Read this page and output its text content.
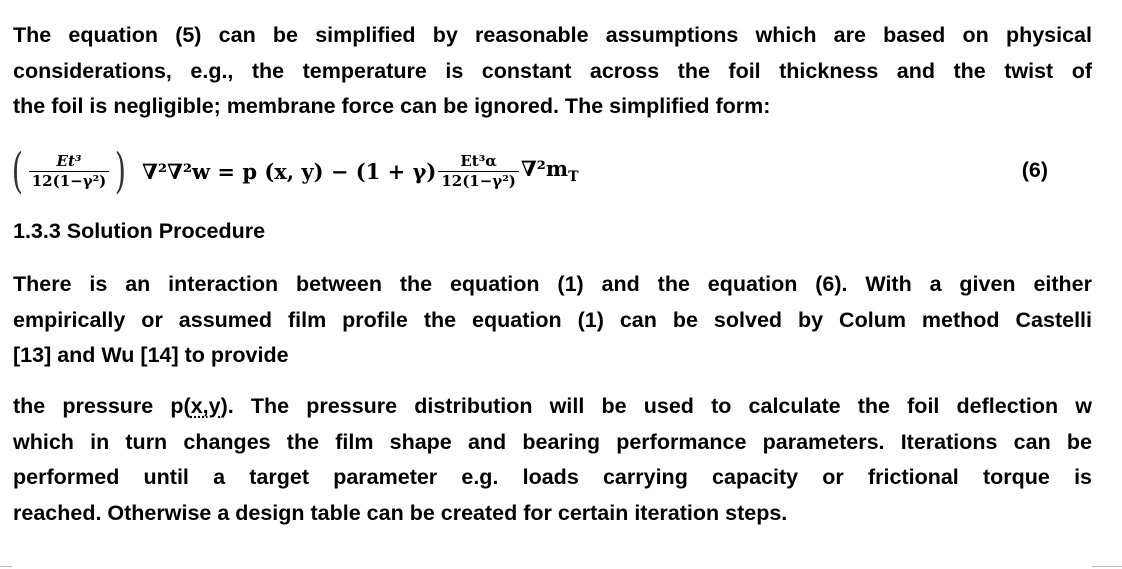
The equation (5) can be simplified by reasonable assumptions which are based on physical
considerations, e.g., the temperature is constant across the foil thickness and the twist of
the foil is negligible; membrane force can be ignored. The simplified form:
( $\frac{\text{Et³}}{\text{12(1−γ²)}}$ ) ∇²∇²w = p (x, $y) - (1 + \gamma) \frac{\text{Et³α}}{\text{12(1−γ²)}} \nabla^2m_T$	(6)
1.3.3 Solution Procedure
There is an interaction between the equation (1) and the equation (6). With a given either
empirically or assumed film profile the equation (1) can be solved by Colum method Castelli
[13] and Wu [14] to provide
the pressure p(x,y). The pressure distribution will be used to calculate the foil deflection w
which in turn changes the film shape and bearing performance parameters. Iterations can be
performed until a target parameter e.g. loads carrying capacity or frictional torque is
reached. Otherwise a design table can be created for certain iteration steps.
